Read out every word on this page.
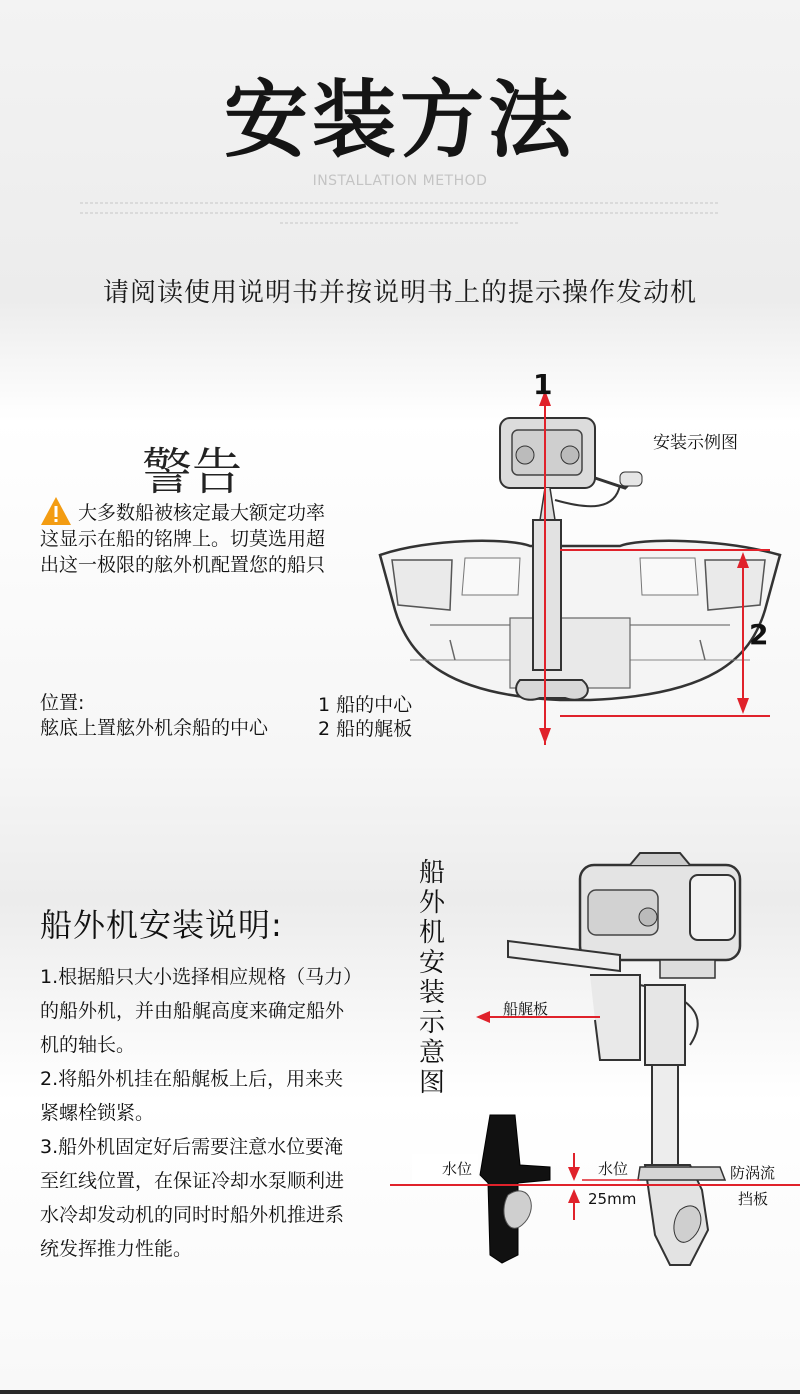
安装方法
INSTALLATION METHOD
请阅读使用说明书并按说明书上的提示操作发动机
1
2
安装示例图
警告
大多数船被核定最大额定功率
这显示在船的铭牌上。切莫选用超
出这一极限的舷外机配置您的船只
位置:
舷底上置舷外机余船的中心
1 船的中心
2 船的艉板
船外机安装说明:
1.根据船只大小选择相应规格（马力）
的船外机，并由船艉高度来确定船外
机的轴长。
2.将船外机挂在船艉板上后，用来夹
紧螺栓锁紧。
3.船外机固定好后需要注意水位要淹
至红线位置，在保证冷却水泵顺利进
水冷却发动机的同时时船外机推进系
统发挥推力性能。
船外机安装示意图
船艉板
水位	水位
25mm
防涡流
挡板
